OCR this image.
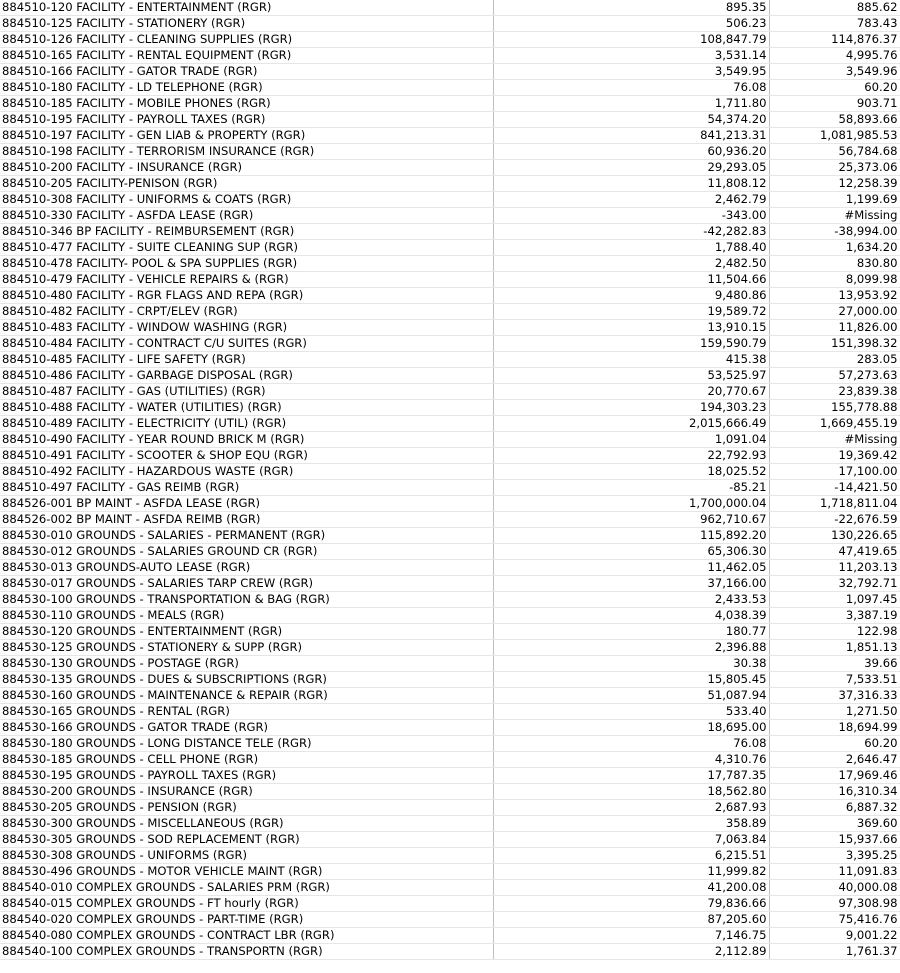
884510-120 FACILITY - ENTERTAINMENT (RGR)	895.35	885.62
884510-125 FACILITY - STATIONERY (RGR)	506.23	783.43
884510-126 FACILITY - CLEANING SUPPLIES (RGR)	108,847.79	114,876.37
884510-165 FACILITY - RENTAL EQUIPMENT (RGR)	3,531.14	4,995.76
884510-166 FACILITY - GATOR TRADE (RGR)	3,549.95	3,549.96
884510-180 FACILITY - LD TELEPHONE (RGR)	76.08	60.20
884510-185 FACILITY - MOBILE PHONES (RGR)	1,711.80	903.71
884510-195 FACILITY - PAYROLL TAXES (RGR)	54,374.20	58,893.66
884510-197 FACILITY - GEN LIAB & PROPERTY (RGR)	841,213.31	1,081,985.53
884510-198 FACILITY - TERRORISM INSURANCE (RGR)	60,936.20	56,784.68
884510-200 FACILITY - INSURANCE (RGR)	29,293.05	25,373.06
884510-205 FACILITY-PENISON (RGR)	11,808.12	12,258.39
884510-308 FACILITY - UNIFORMS & COATS (RGR)	2,462.79	1,199.69
884510-330 FACILITY - ASFDA LEASE (RGR)	-343.00	#Missing
884510-346 BP FACILITY - REIMBURSEMENT (RGR)	-42,282.83	-38,994.00
884510-477 FACILITY - SUITE CLEANING SUP (RGR)	1,788.40	1,634.20
884510-478 FACILITY- POOL & SPA SUPPLIES (RGR)	2,482.50	830.80
884510-479 FACILITY - VEHICLE REPAIRS & (RGR)	11,504.66	8,099.98
884510-480 FACILITY - RGR FLAGS AND REPA (RGR)	9,480.86	13,953.92
884510-482 FACILITY - CRPT/ELEV (RGR)	19,589.72	27,000.00
884510-483 FACILITY - WINDOW WASHING (RGR)	13,910.15	11,826.00
884510-484 FACILITY - CONTRACT C/U SUITES (RGR)	159,590.79	151,398.32
884510-485 FACILITY - LIFE SAFETY (RGR)	415.38	283.05
884510-486 FACILITY - GARBAGE DISPOSAL (RGR)	53,525.97	57,273.63
884510-487 FACILITY - GAS (UTILITIES) (RGR)	20,770.67	23,839.38
884510-488 FACILITY - WATER (UTILITIES) (RGR)	194,303.23	155,778.88
884510-489 FACILITY - ELECTRICITY (UTIL) (RGR)	2,015,666.49	1,669,455.19
884510-490 FACILITY - YEAR ROUND BRICK M (RGR)	1,091.04	#Missing
884510-491 FACILITY - SCOOTER & SHOP EQU (RGR)	22,792.93	19,369.42
884510-492 FACILITY - HAZARDOUS WASTE (RGR)	18,025.52	17,100.00
884510-497 FACILITY - GAS REIMB (RGR)	-85.21	-14,421.50
884526-001 BP MAINT - ASFDA LEASE (RGR)	1,700,000.04	1,718,811.04
884526-002 BP MAINT - ASFDA REIMB (RGR)	962,710.67	-22,676.59
884530-010 GROUNDS - SALARIES - PERMANENT (RGR)	115,892.20	130,226.65
884530-012 GROUNDS - SALARIES GROUND CR (RGR)	65,306.30	47,419.65
884530-013 GROUNDS-AUTO LEASE (RGR)	11,462.05	11,203.13
884530-017 GROUNDS - SALARIES TARP CREW (RGR)	37,166.00	32,792.71
884530-100 GROUNDS - TRANSPORTATION & BAG (RGR)	2,433.53	1,097.45
884530-110 GROUNDS - MEALS (RGR)	4,038.39	3,387.19
884530-120 GROUNDS - ENTERTAINMENT (RGR)	180.77	122.98
884530-125 GROUNDS - STATIONERY & SUPP (RGR)	2,396.88	1,851.13
884530-130 GROUNDS - POSTAGE (RGR)	30.38	39.66
884530-135 GROUNDS - DUES & SUBSCRIPTIONS (RGR)	15,805.45	7,533.51
884530-160 GROUNDS - MAINTENANCE & REPAIR (RGR)	51,087.94	37,316.33
884530-165 GROUNDS - RENTAL (RGR)	533.40	1,271.50
884530-166 GROUNDS - GATOR TRADE (RGR)	18,695.00	18,694.99
884530-180 GROUNDS - LONG DISTANCE TELE (RGR)	76.08	60.20
884530-185 GROUNDS - CELL PHONE (RGR)	4,310.76	2,646.47
884530-195 GROUNDS - PAYROLL TAXES (RGR)	17,787.35	17,969.46
884530-200 GROUNDS - INSURANCE (RGR)	18,562.80	16,310.34
884530-205 GROUNDS - PENSION (RGR)	2,687.93	6,887.32
884530-300 GROUNDS - MISCELLANEOUS (RGR)	358.89	369.60
884530-305 GROUNDS - SOD REPLACEMENT (RGR)	7,063.84	15,937.66
884530-308 GROUNDS - UNIFORMS (RGR)	6,215.51	3,395.25
884530-496 GROUNDS - MOTOR VEHICLE MAINT (RGR)	11,999.82	11,091.83
884540-010 COMPLEX GROUNDS - SALARIES PRM (RGR)	41,200.08	40,000.08
884540-015 COMPLEX GROUNDS - FT hourly (RGR)	79,836.66	97,308.98
884540-020 COMPLEX GROUNDS - PART-TIME (RGR)	87,205.60	75,416.76
884540-080 COMPLEX GROUNDS - CONTRACT LBR (RGR)	7,146.75	9,001.22
884540-100 COMPLEX GROUNDS - TRANSPORTN (RGR)	2,112.89	1,761.37
